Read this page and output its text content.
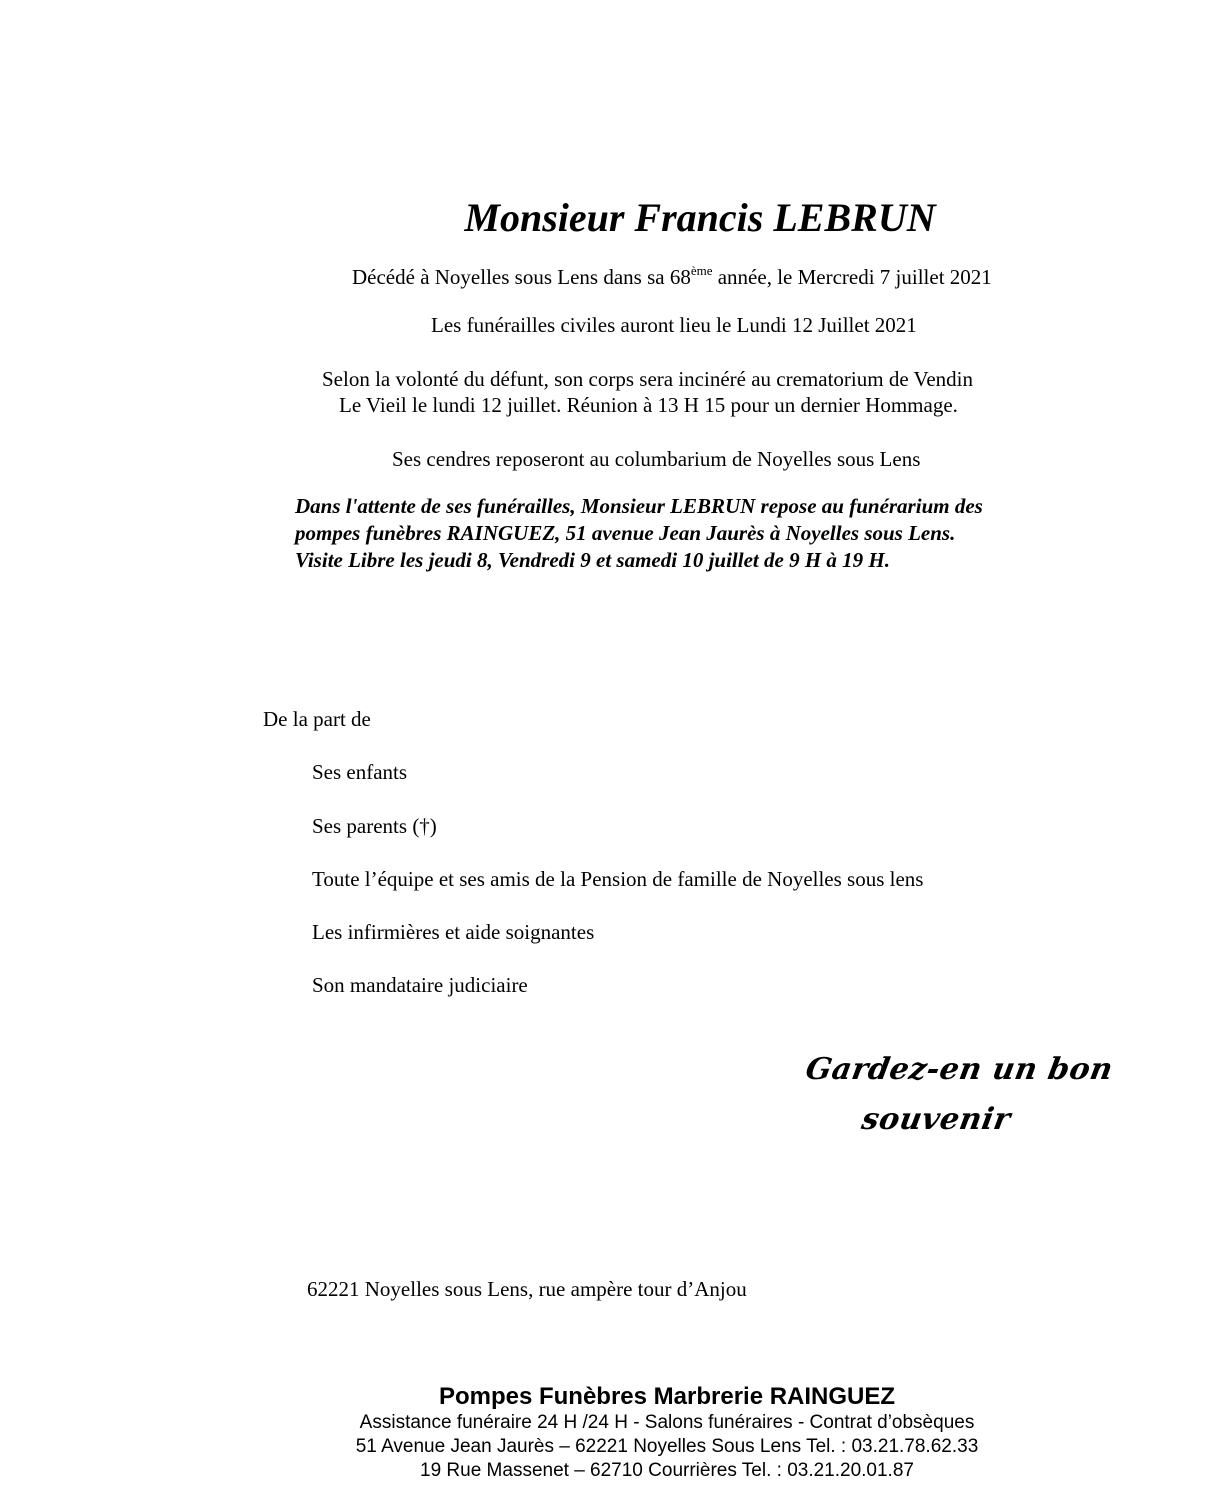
Monsieur Francis LEBRUN
Décédé à Noyelles sous Lens dans sa 68ème année, le Mercredi 7 juillet 2021
Les funérailles civiles auront lieu le Lundi 12 Juillet 2021
Selon la volonté du défunt, son corps sera incinéré au crematorium de Vendin
Le Vieil le lundi 12 juillet. Réunion à 13 H 15 pour un dernier Hommage.
Ses cendres reposeront au columbarium de Noyelles sous Lens
Dans l'attente de ses funérailles, Monsieur LEBRUN repose au funérarium des
pompes funèbres RAINGUEZ, 51 avenue Jean Jaurès à Noyelles sous Lens.
Visite Libre les jeudi 8, Vendredi 9 et samedi 10 juillet de 9 H à 19 H.
De la part de
Ses enfants
Ses parents (†)
Toute l’équipe et ses amis de la Pension de famille de Noyelles sous lens
Les infirmières et aide soignantes
Son mandataire judiciaire
Gardez-en un bon
souvenir
62221 Noyelles sous Lens, rue ampère tour d’Anjou
Pompes Funèbres Marbrerie RAINGUEZ
Assistance funéraire 24 H /24 H - Salons funéraires - Contrat d’obsèques
51 Avenue Jean Jaurès – 62221 Noyelles Sous Lens Tel. : 03.21.78.62.33
19 Rue Massenet – 62710 Courrières Tel. : 03.21.20.01.87
